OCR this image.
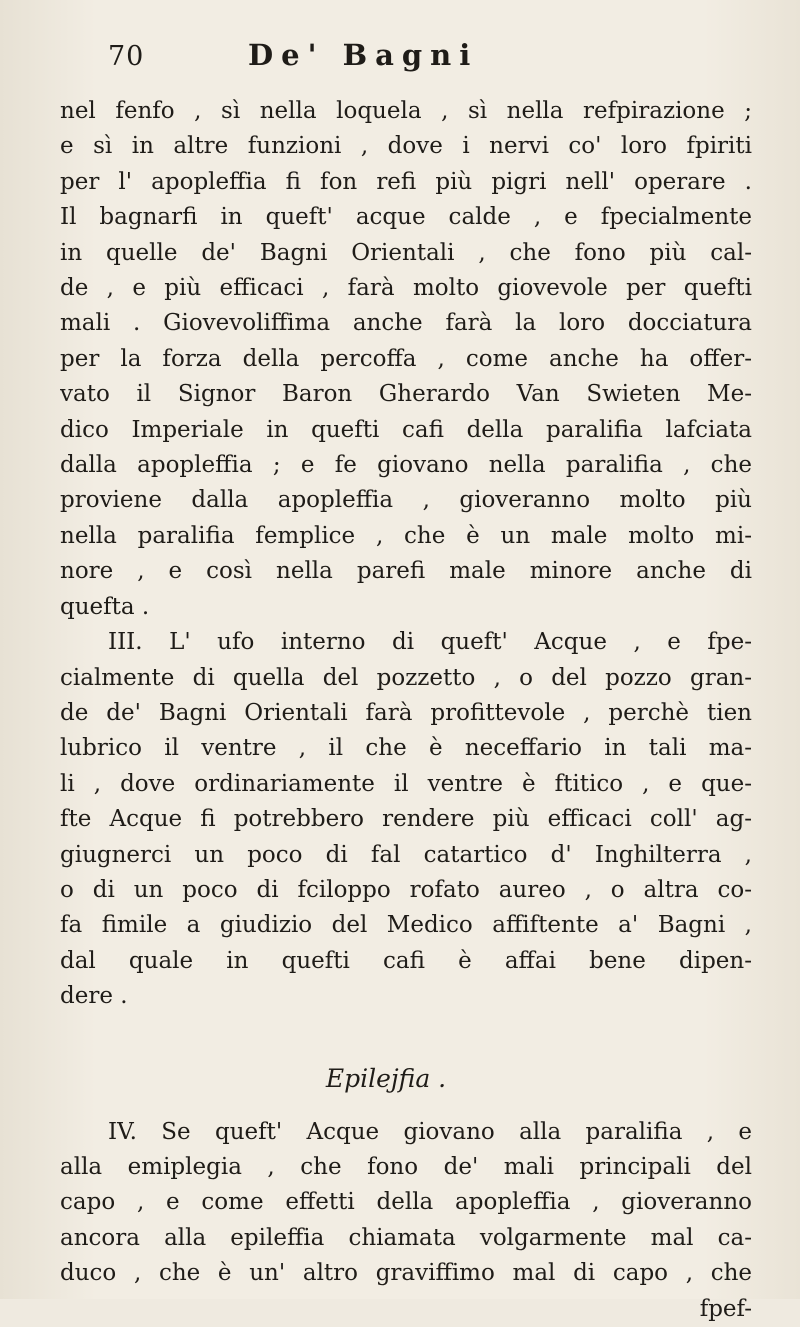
70	De' Bagni
nel fenfo , sì nella loquela , sì nella refpirazione ;
e sì in altre funzioni , dove i nervi co' loro fpiriti
per l' apopleffia fi fon refi più pigri nell' operare .
Il bagnarfi in queft' acque calde , e fpecialmente
in quelle de' Bagni Orientali , che fono più cal-
de , e più efficaci , farà molto giovevole per quefti
mali . Giovevoliffima anche farà la loro docciatura
per la forza della percoffa , come anche ha offer-
vato il Signor Baron Gherardo Van Swieten Me-
dico Imperiale in quefti cafi della paralifia lafciata
dalla apopleffia ; e fe giovano nella paralifia , che
proviene dalla apopleffia , gioveranno molto più
nella paralifia femplice , che è un male molto mi-
nore , e così nella parefi male minore anche di
quefta .
III. L' ufo interno di queft' Acque , e fpe-
cialmente di quella del pozzetto , o del pozzo gran-
de de' Bagni Orientali farà profittevole , perchè tien
lubrico il ventre , il che è neceffario in tali ma-
li , dove ordinariamente il ventre è ftitico , e que-
fte Acque fi potrebbero rendere più efficaci coll' ag-
giugnerci un poco di fal catartico d' Inghilterra ,
o di un poco di fciloppo rofato aureo , o altra co-
fa fimile a giudizio del Medico affiftente a' Bagni ,
dal quale in quefti cafi è affai bene dipen-
dere .
Epilejfia .
IV. Se queft' Acque giovano alla paralifia , e
alla emiplegia , che fono de' mali principali del
capo , e come effetti della apopleffia , gioveranno
ancora alla epileffia chiamata volgarmente mal ca-
duco , che è un' altro graviffimo mal di capo , che
fpef-
